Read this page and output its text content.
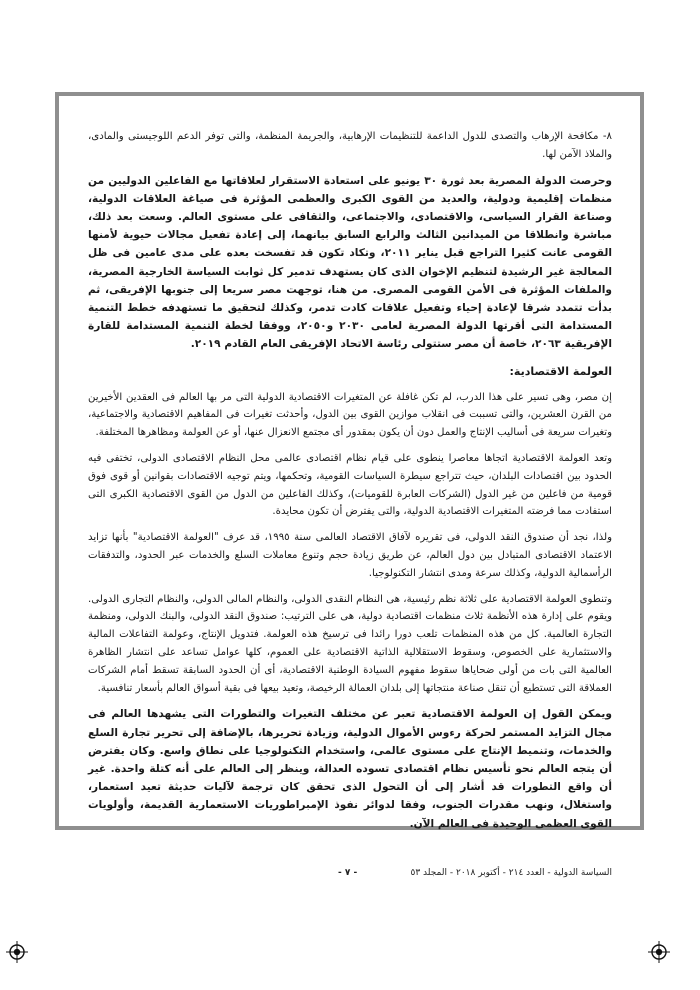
٨- مكافحة الإرهاب والتصدى للدول الداعمة للتنظيمات الإرهابية، والجريمة المنظمة، والتى توفر الدعم اللوجيستى والمادى، والملاذ الآمن لها.

وحرصت الدولة المصرية بعد ثورة ٣٠ يونيو على استعادة الاستقرار لعلاقاتها مع الفاعلين الدوليين من منظمات إقليمية ودولية، والعديد من القوى الكبرى والعظمى المؤثرة فى صياغة العلاقات الدولية، وصناعة القرار السياسى، والاقتصادى، والاجتماعى، والثقافى على مستوى العالم. وسعت بعد ذلك، مباشرة وانطلاقا من الميدانين الثالث والرابع السابق بيانهما، إلى إعادة تفعيل مجالات حيوية لأمنها القومى عانت كثيرا التراجع قبل يناير ٢٠١١، وتكاد تكون قد تفسخت بعده على مدى عامين فى ظل المعالجة غير الرشيدة لتنظيم الإخوان الذى كان يستهدف تدمير كل ثوابت السياسة الخارجية المصرية، والملفات المؤثرة فى الأمن القومى المصرى. من هنا، توجهت مصر سريعا إلى جنوبها الإفريقى، ثم بدأت تتمدد شرقا لإعادة إحياء وتفعيل علاقات كادت تدمر، وكذلك لتحقيق ما تستهدفه خطط التنمية المستدامة التى أقرتها الدولة المصرية لعامى ٢٠٣٠ و٢٠٥٠، ووفقا لخطة التنمية المستدامة للقارة الإفريقية ٢٠٦٣، خاصة أن مصر ستتولى رئاسة الاتحاد الإفريقى العام القادم ٢٠١٩.

العولمة الاقتصادية:

إن مصر، وهى تسير على هذا الدرب، لم تكن غافلة عن المتغيرات الاقتصادية الدولية التى مر بها العالم فى العقدين الأخيرين من القرن العشرين، والتى تسببت فى انقلاب موازين القوى بين الدول، وأحدثت تغيرات فى المفاهيم الاقتصادية والاجتماعية، وتغيرات سريعة فى أساليب الإنتاج والعمل دون أن يكون بمقدور أى مجتمع الانعزال عنها، أو عن العولمة ومظاهرها المختلفة.

وتعد العولمة الاقتصادية اتجاها معاصرا ينطوى على قيام نظام اقتصادى عالمى محل النظام الاقتصادى الدولى، تختفى فيه الحدود بين اقتصادات البلدان، حيث تتراجع سيطرة السياسات القومية، وتحكمها، ويتم توجيه الاقتصادات بقوانين أو قوى فوق قومية من فاعلين من غير الدول (الشركات العابرة للقوميات)، وكذلك الفاعلين من الدول من القوى الاقتصادية الكبرى التى استفادت مما فرضته المتغيرات الاقتصادية الدولية، والتى يفترض أن تكون محايدة.

ولذا، نجد أن صندوق النقد الدولى، فى تقريره لآفاق الاقتصاد العالمى سنة ١٩٩٥، قد عرف "العولمة الاقتصادية" بأنها تزايد الاعتماد الاقتصادى المتبادل بين دول العالم، عن طريق زيادة حجم وتنوع معاملات السلع والخدمات عبر الحدود، والتدفقات الرأسمالية الدولية، وكذلك سرعة ومدى انتشار التكنولوجيا.

وتنطوى العولمة الاقتصادية على ثلاثة نظم رئيسية، هى النظام النقدى الدولى، والنظام المالى الدولى، والنظام التجارى الدولى. ويقوم على إدارة هذه الأنظمة ثلاث منظمات اقتصادية دولية، هى على الترتيب: صندوق النقد الدولى، والبنك الدولى، ومنظمة التجارة العالمية. كل من هذه المنظمات تلعب دورا رائدا فى ترسيخ هذه العولمة. فتدويل الإنتاج، وعولمة التفاعلات المالية والاستثمارية على الخصوص، وسقوط الاستقلالية الذاتية الاقتصادية على العموم، كلها عوامل تساعد على انتشار الظاهرة العالمية التى بات من أولى ضحاياها سقوط مفهوم السيادة الوطنية الاقتصادية، أى أن الحدود السابقة تسقط أمام الشركات العملاقة التى تستطيع أن تنقل صناعة منتجاتها إلى بلدان العمالة الرخيصة، وتعيد بيعها فى بقية أسواق العالم بأسعار تنافسية.

ويمكن القول إن العولمة الاقتصادية تعبر عن مختلف التغيرات والتطورات التى يشهدها العالم فى مجال التزايد المستمر لحركة رءوس الأموال الدولية، وزيادة تحريرها، بالإضافة إلى تحرير تجارة السلع والخدمات، وتنميط الإنتاج على مستوى عالمى، واستخدام التكنولوجيا على نطاق واسع. وكان يفترض أن يتجه العالم نحو تأسيس نظام اقتصادى تسوده العدالة، وينظر إلى العالم على أنه كتلة واحدة. غير أن واقع التطورات قد أشار إلى أن التحول الذى تحقق كان ترجمة لآليات حديثة تعيد استعمار، واستغلال، ونهب مقدرات الجنوب، وفقا لدوائر نفوذ الإمبراطوريات الاستعمارية القديمة، وأولويات القوى العظمى الوحيدة فى العالم الآن.

السياسة الدولية - العدد ٢١٤ - أكتوبر ٢٠١٨ - المجلد ٥٣
- ٧ -
